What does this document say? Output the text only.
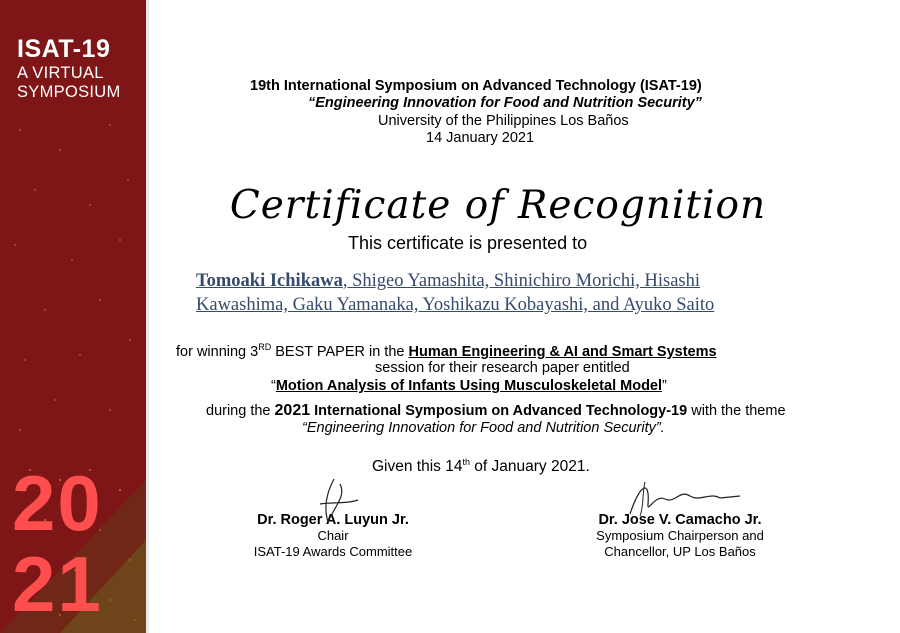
ISAT-19
A VIRTUAL
SYMPOSIUM
20
21
19th International Symposium on Advanced Technology (ISAT-19)
“Engineering Innovation for Food and Nutrition Security”
University of the Philippines Los Baños
14 January 2021
Certificate of Recognition
This certificate is presented to
Tomoaki Ichikawa, Shigeo Yamashita, Shinichiro Morichi, Hisashi
Kawashima, Gaku Yamanaka, Yoshikazu Kobayashi, and Ayuko Saito
for winning 3RD BEST PAPER in the Human Engineering & AI and Smart Systems
session for their research paper entitled
“Motion Analysis of Infants Using Musculoskeletal Model”
during the 2021 International Symposium on Advanced Technology-19 with the theme
“Engineering Innovation for Food and Nutrition Security”.
Given this 14th of January 2021.
Dr. Roger A. Luyun Jr.
Chair
ISAT-19 Awards Committee
Dr. Jose V. Camacho Jr.
Symposium Chairperson and
Chancellor, UP Los Baños
